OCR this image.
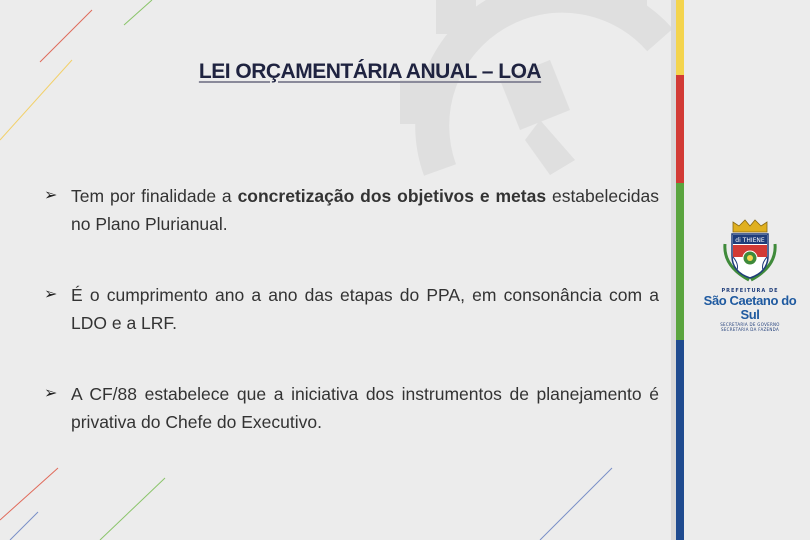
LEI ORÇAMENTÁRIA ANUAL – LOA
➢ Tem por finalidade a concretização dos objetivos e metas estabelecidas no Plano Plurianual.
➢ É o cumprimento ano a ano das etapas do PPA, em consonância com a LDO e a LRF.
➢ A CF/88 estabelece que a iniciativa dos instrumentos de planejamento é privativa do Chefe do Executivo.
di THIENE
PREFEITURA DE
São Caetano do Sul
SECRETARIA DE GOVERNO
SECRETARIA DA FAZENDA
